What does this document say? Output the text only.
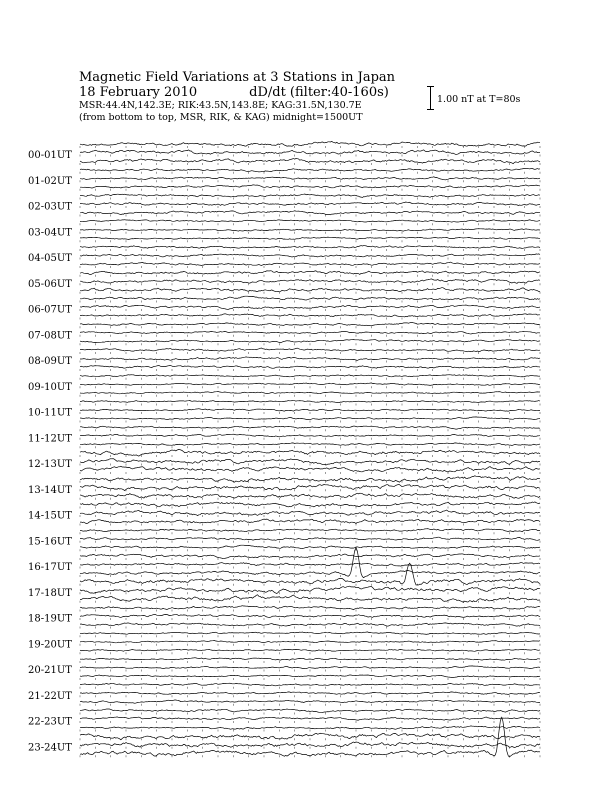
Magnetic Field Variations at 3 Stations in Japan
18 February 2010	dD/dt (filter:40-160s)
MSR:44.4N,142.3E; RIK:43.5N,143.8E; KAG:31.5N,130.7E
(from bottom to top, MSR, RIK, & KAG) midnight=1500UT
1.00 nT at T=80s
00-01UT
01-02UT
02-03UT
03-04UT
04-05UT
05-06UT
06-07UT
07-08UT
08-09UT
09-10UT
10-11UT
11-12UT
12-13UT
13-14UT
14-15UT
15-16UT
16-17UT
17-18UT
18-19UT
19-20UT
20-21UT
21-22UT
22-23UT
23-24UT
